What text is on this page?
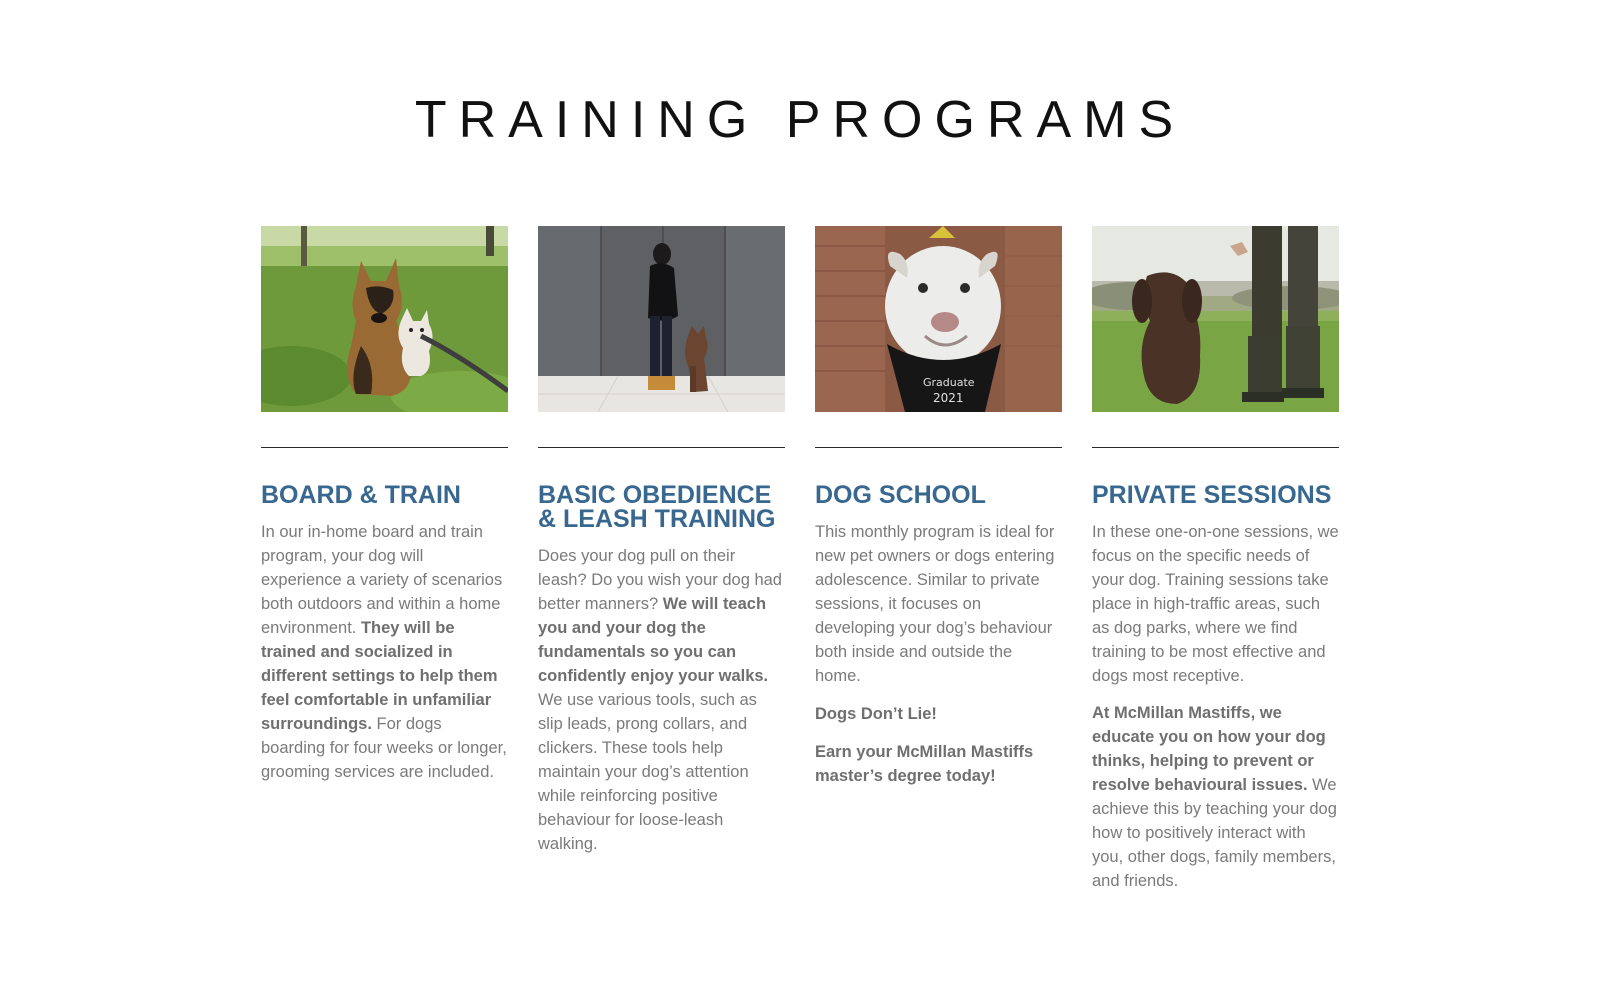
TRAINING PROGRAMS
BOARD & TRAIN

In our in-home board and train program, your dog will experience a variety of scenarios both outdoors and within a home environment. They will be trained and socialized in different settings to help them feel comfortable in unfamiliar surroundings. For dogs boarding for four weeks or longer, grooming services are included.

BASIC OBEDIENCE & LEASH TRAINING

Does your dog pull on their leash? Do you wish your dog had better manners? We will teach you and your dog the fundamentals so you can confidently enjoy your walks. We use various tools, such as slip leads, prong collars, and clickers. These tools help maintain your dog’s attention while reinforcing positive behaviour for loose-leash walking.

Graduate
2021
DOG SCHOOL

This monthly program is ideal for new pet owners or dogs entering adolescence. Similar to private sessions, it focuses on developing your dog’s behaviour both inside and outside the home.

Dogs Don’t Lie!

Earn your McMillan Mastiffs master’s degree today!

PRIVATE SESSIONS

In these one-on-one sessions, we focus on the specific needs of your dog. Training sessions take place in high-traffic areas, such as dog parks, where we find training to be most effective and dogs most receptive.

At McMillan Mastiffs, we educate you on how your dog thinks, helping to prevent or resolve behavioural issues. We achieve this by teaching your dog how to positively interact with you, other dogs, family members, and friends.
